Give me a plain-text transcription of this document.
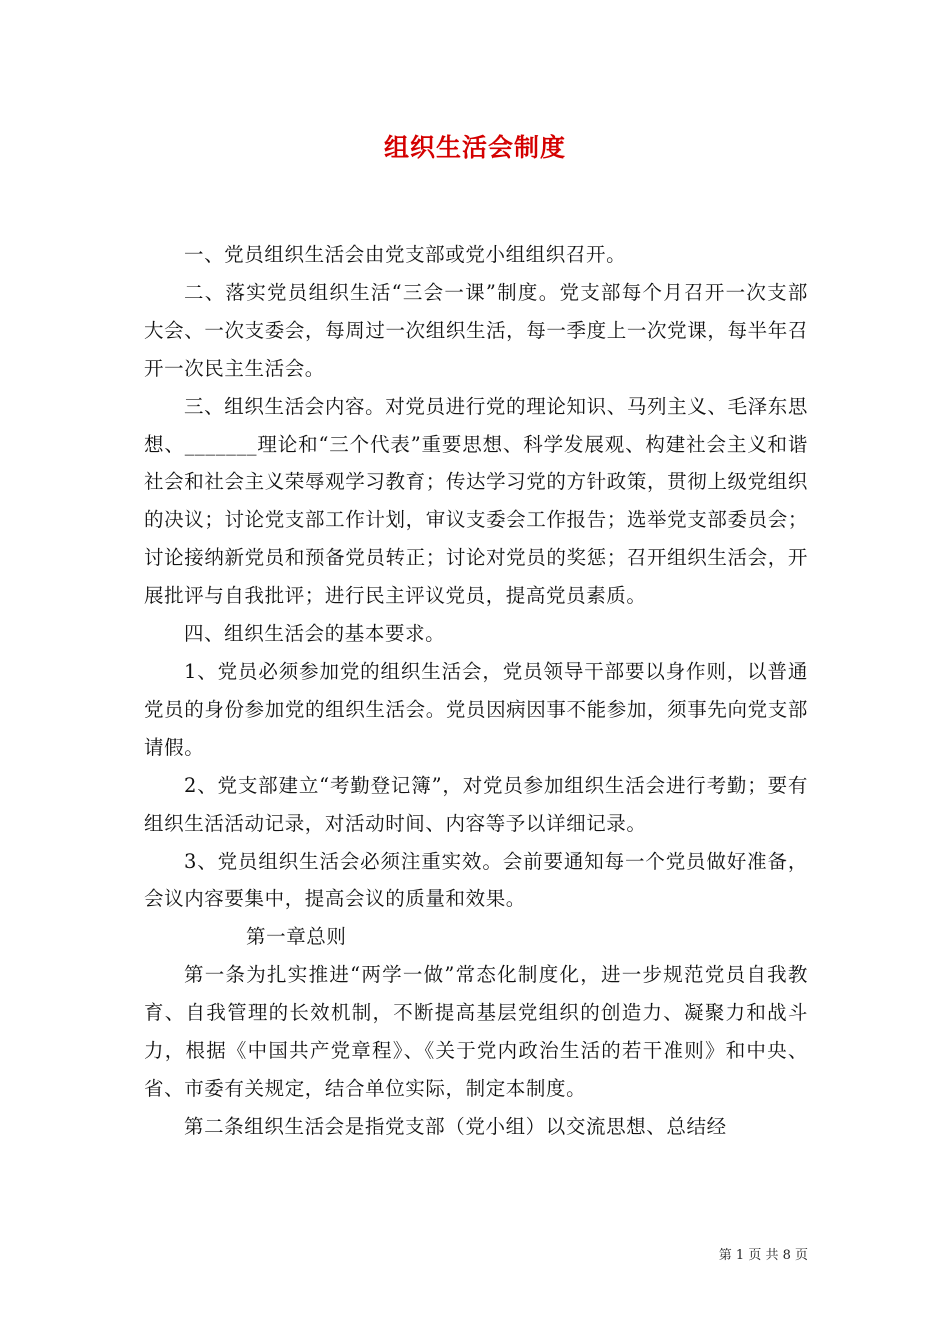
组织生活会制度

一、党员组织生活会由党支部或党小组组织召开。

二、落实党员组织生活“三会一课”制度。党支部每个月召开一次支部大会、一次支委会，每周过一次组织生活，每一季度上一次党课，每半年召开一次民主生活会。

三、组织生活会内容。对党员进行党的理论知识、马列主义、毛泽东思想、_______理论和“三个代表”重要思想、科学发展观、构建社会主义和谐社会和社会主义荣辱观学习教育；传达学习党的方针政策，贯彻上级党组织的决议；讨论党支部工作计划，审议支委会工作报告；选举党支部委员会；讨论接纳新党员和预备党员转正；讨论对党员的奖惩；召开组织生活会，开展批评与自我批评；进行民主评议党员，提高党员素质。

四、组织生活会的基本要求。

1、党员必须参加党的组织生活会，党员领导干部要以身作则，以普通党员的身份参加党的组织生活会。党员因病因事不能参加，须事先向党支部请假。

2、党支部建立“考勤登记簿”，对党员参加组织生活会进行考勤；要有组织生活活动记录，对活动时间、内容等予以详细记录。

3、党员组织生活会必须注重实效。会前要通知每一个党员做好准备，会议内容要集中，提高会议的质量和效果。

第一章总则

第一条为扎实推进“两学一做”常态化制度化，进一步规范党员自我教育、自我管理的长效机制，不断提高基层党组织的创造力、凝聚力和战斗力，根据《中国共产党章程》、《关于党内政治生活的若干准则》和中央、省、市委有关规定，结合单位实际，制定本制度。

第二条组织生活会是指党支部（党小组）以交流思想、总结经

第 1 页 共 8 页
